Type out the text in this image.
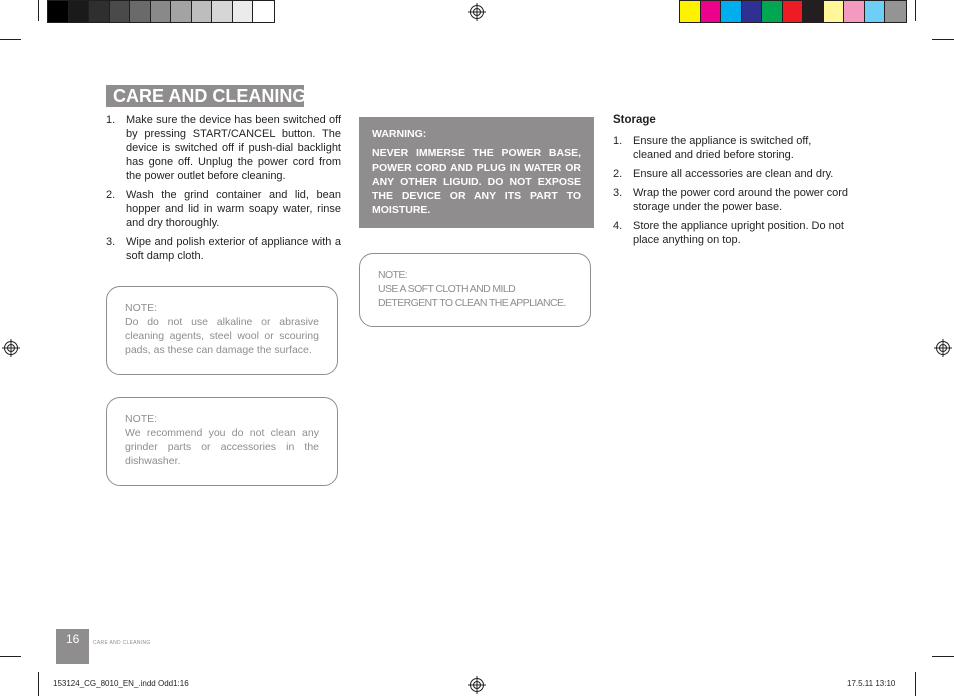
CARE AND CLEANING
1. Make sure the device has been switched off by pressing START/CANCEL button. The device is switched off if push-dial backlight has gone off. Unplug the power cord from the power outlet before cleaning.
2. Wash the grind container and lid, bean hopper and lid in warm soapy water, rinse and dry thoroughly.
3. Wipe and polish exterior of appliance with a soft damp cloth.
NOTE:
Do do not use alkaline or abrasive cleaning agents, steel wool or scouring pads, as these can damage the surface.
NOTE:
We recommend you do not clean any grinder parts or accessories in the dishwasher.
WARNING:
NEVER IMMERSE THE POWER BASE, POWER CORD AND PLUG IN WATER OR ANY OTHER LIGUID. DO NOT EXPOSE THE DEVICE OR ANY ITS PART TO MOISTURE.
NOTE:
USE A SOFT CLOTH AND MILD DETERGENT TO CLEAN THE APPLIANCE.
Storage
1. Ensure the appliance is switched off, cleaned and dried before storing.
2. Ensure all accessories are clean and dry.
3. Wrap the power cord around the power cord storage under the power base.
4. Store the appliance upright position. Do not place anything on top.
16	CARE AND CLEANING
153124_CG_8010_EN_.indd Odd1:16	17.5.11 13:10
